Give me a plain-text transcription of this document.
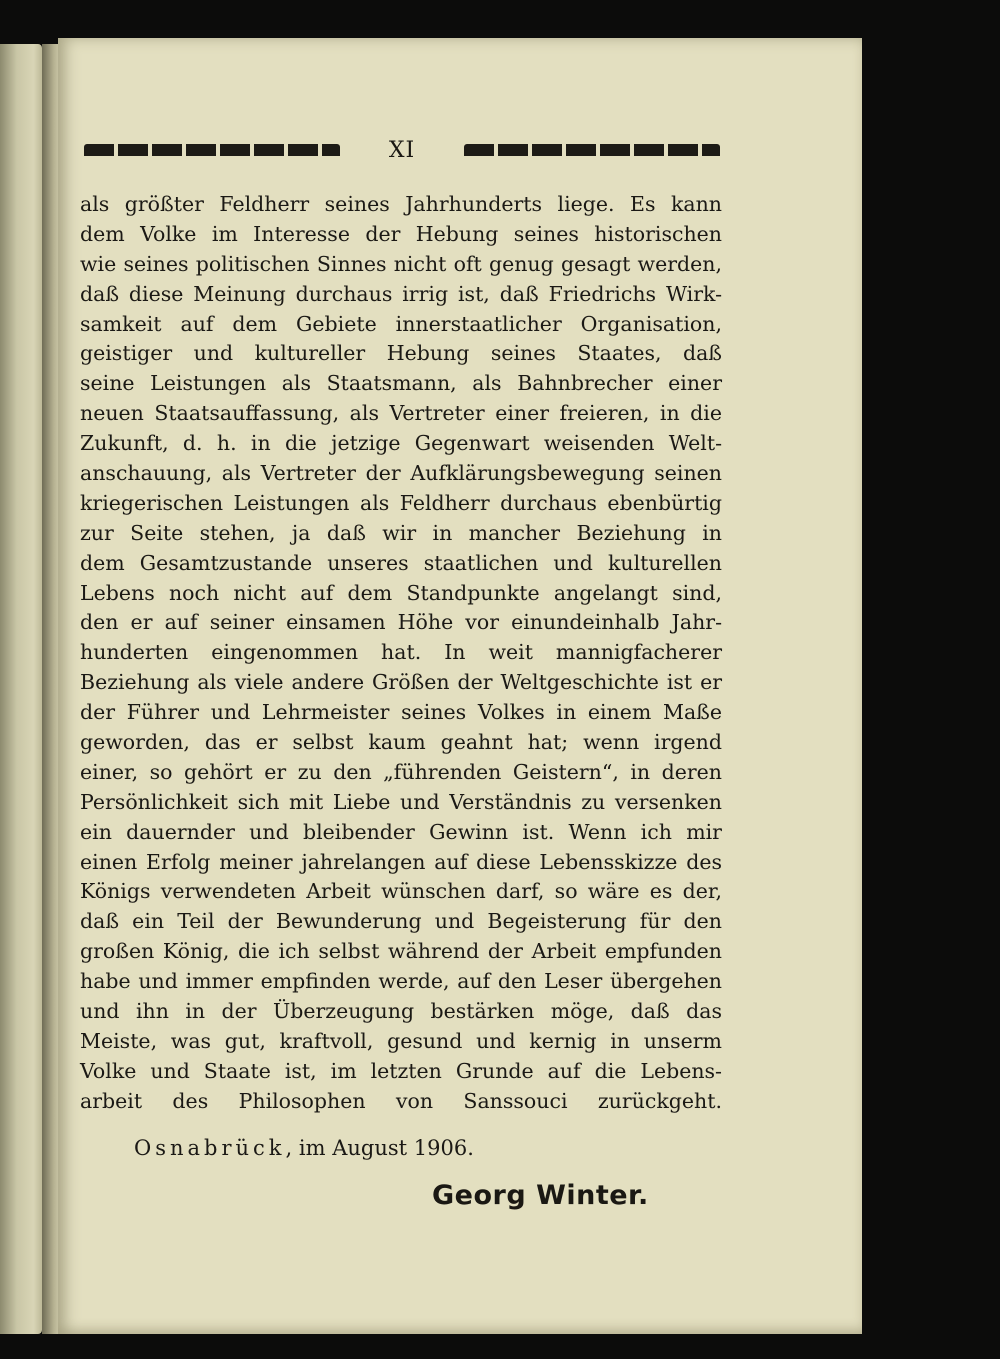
XI
als größter Feldherr seines Jahrhunderts liege. Es kann
dem Volke im Interesse der Hebung seines historischen
wie seines politischen Sinnes nicht oft genug gesagt werden,
daß diese Meinung durchaus irrig ist, daß Friedrichs Wirk-
samkeit auf dem Gebiete innerstaatlicher Organisation,
geistiger und kultureller Hebung seines Staates, daß
seine Leistungen als Staatsmann, als Bahnbrecher einer
neuen Staatsauffassung, als Vertreter einer freieren, in die
Zukunft, d. h. in die jetzige Gegenwart weisenden Welt-
anschauung, als Vertreter der Aufklärungsbewegung seinen
kriegerischen Leistungen als Feldherr durchaus ebenbürtig
zur Seite stehen, ja daß wir in mancher Beziehung in
dem Gesamtzustande unseres staatlichen und kulturellen
Lebens noch nicht auf dem Standpunkte angelangt sind,
den er auf seiner einsamen Höhe vor einundeinhalb Jahr-
hunderten eingenommen hat. In weit mannigfacherer
Beziehung als viele andere Größen der Weltgeschichte ist er
der Führer und Lehrmeister seines Volkes in einem Maße
geworden, das er selbst kaum geahnt hat; wenn irgend
einer, so gehört er zu den „führenden Geistern“, in deren
Persönlichkeit sich mit Liebe und Verständnis zu versenken
ein dauernder und bleibender Gewinn ist. Wenn ich mir
einen Erfolg meiner jahrelangen auf diese Lebensskizze des
Königs verwendeten Arbeit wünschen darf, so wäre es der,
daß ein Teil der Bewunderung und Begeisterung für den
großen König, die ich selbst während der Arbeit empfunden
habe und immer empfinden werde, auf den Leser übergehen
und ihn in der Überzeugung bestärken möge, daß das
Meiste, was gut, kraftvoll, gesund und kernig in unserm
Volke und Staate ist, im letzten Grunde auf die Lebens-
arbeit des Philosophen von Sanssouci zurückgeht.
Osnabrück, im August 1906.
Georg Winter.
